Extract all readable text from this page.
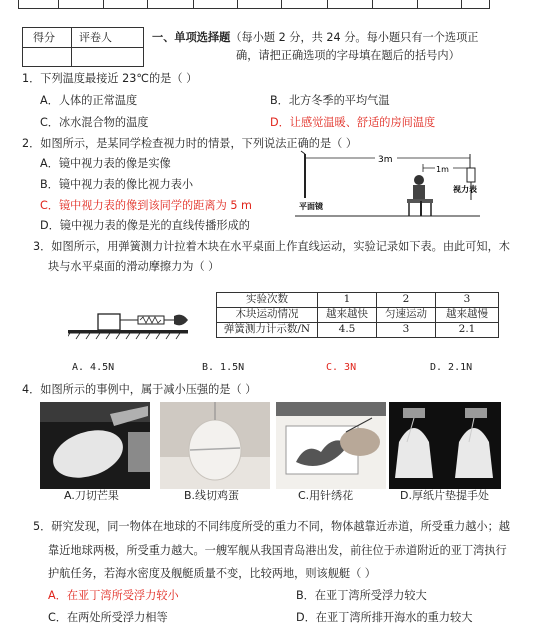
得分 评卷人	一、单项选择题（每小题 2 分，共 24 分。每小题只有一个选项正
确，请把正确选项的字母填在题后的括号内）
1．下列温度最接近 23℃的是（ ）
A．人体的正常温度	B．北方冬季的平均气温
C．冰水混合物的温度	D．让感觉温暖、舒适的房间温度
2．如图所示，是某同学检查视力时的情景，下列说法正确的是（ ）
A．镜中视力表的像是实像
B．镜中视力表的像比视力表小
C．镜中视力表的像到该同学的距离为 5 m
D．镜中视力表的像是光的直线传播形成的
3m
1m
平面镜
视力表
3．如图所示，用弹簧测力计拉着木块在水平桌面上作直线运动，实验记录如下表。由此可知，木
块与水平桌面的滑动摩擦力为（ ）
实验次数	1	2	3
木块运动情况	越来越快	匀速运动	越来越慢
弹簧测力计示数/N	4.5	3	2.1
A. 4.5N	B. 1.5N	C. 3N	D. 2.1N
4．如图所示的事例中，属于减小压强的是（ ）
A.刀切芒果	B.线切鸡蛋	C.用针绣花	D.厚纸片垫提手处
5．研究发现，同一物体在地球的不同纬度所受的重力不同，物体越靠近赤道，所受重力越小；越
靠近地球两极，所受重力越大。一艘军舰从我国青岛港出发，前往位于赤道附近的亚丁湾执行
护航任务，若海水密度及舰艇质量不变，比较两地，则该舰艇（ ）
A．在亚丁湾所受浮力较小	B．在亚丁湾所受浮力较大
C．在两处所受浮力相等	D．在亚丁湾所排开海水的重力较大
